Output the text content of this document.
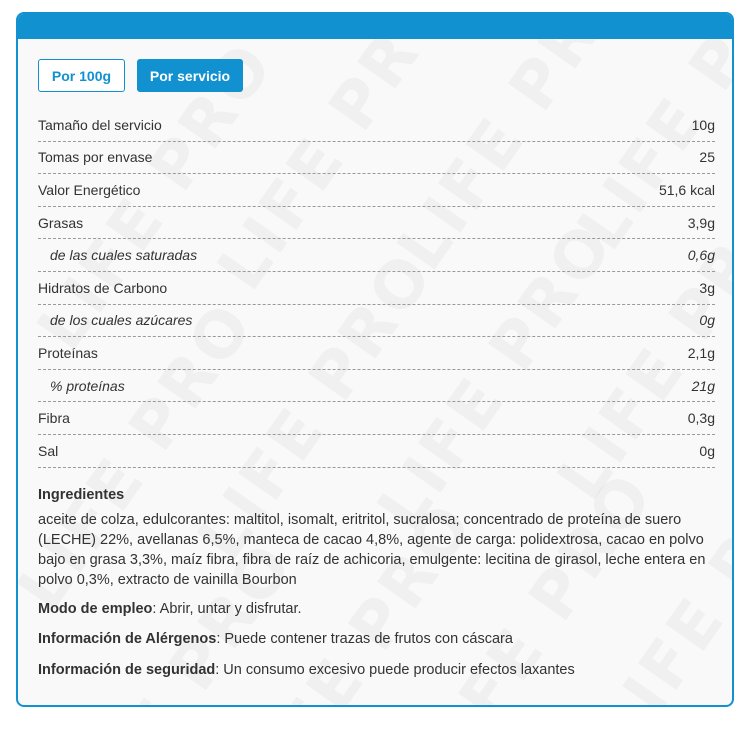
Por 100g	Por servicio
Tamaño del servicio	10g
Tomas por envase	25
Valor Energético	51,6 kcal
Grasas	3,9g
de las cuales saturadas	0,6g
Hidratos de Carbono	3g
de los cuales azúcares	0g
Proteínas	2,1g
% proteínas	21g
Fibra	0,3g
Sal	0g
Ingredientes
aceite de colza, edulcorantes: maltitol, isomalt, eritritol, sucralosa; concentrado de proteína de suero (LECHE) 22%, avellanas 6,5%, manteca de cacao 4,8%, agente de carga: polidextrosa, cacao en polvo bajo en grasa 3,3%, maíz fibra, fibra de raíz de achicoria, emulgente: lecitina de girasol, leche entera en polvo 0,3%, extracto de vainilla Bourbon
Modo de empleo: Abrir, untar y disfrutar.
Información de Alérgenos: Puede contener trazas de frutos con cáscara
Información de seguridad: Un consumo excesivo puede producir efectos laxantes
